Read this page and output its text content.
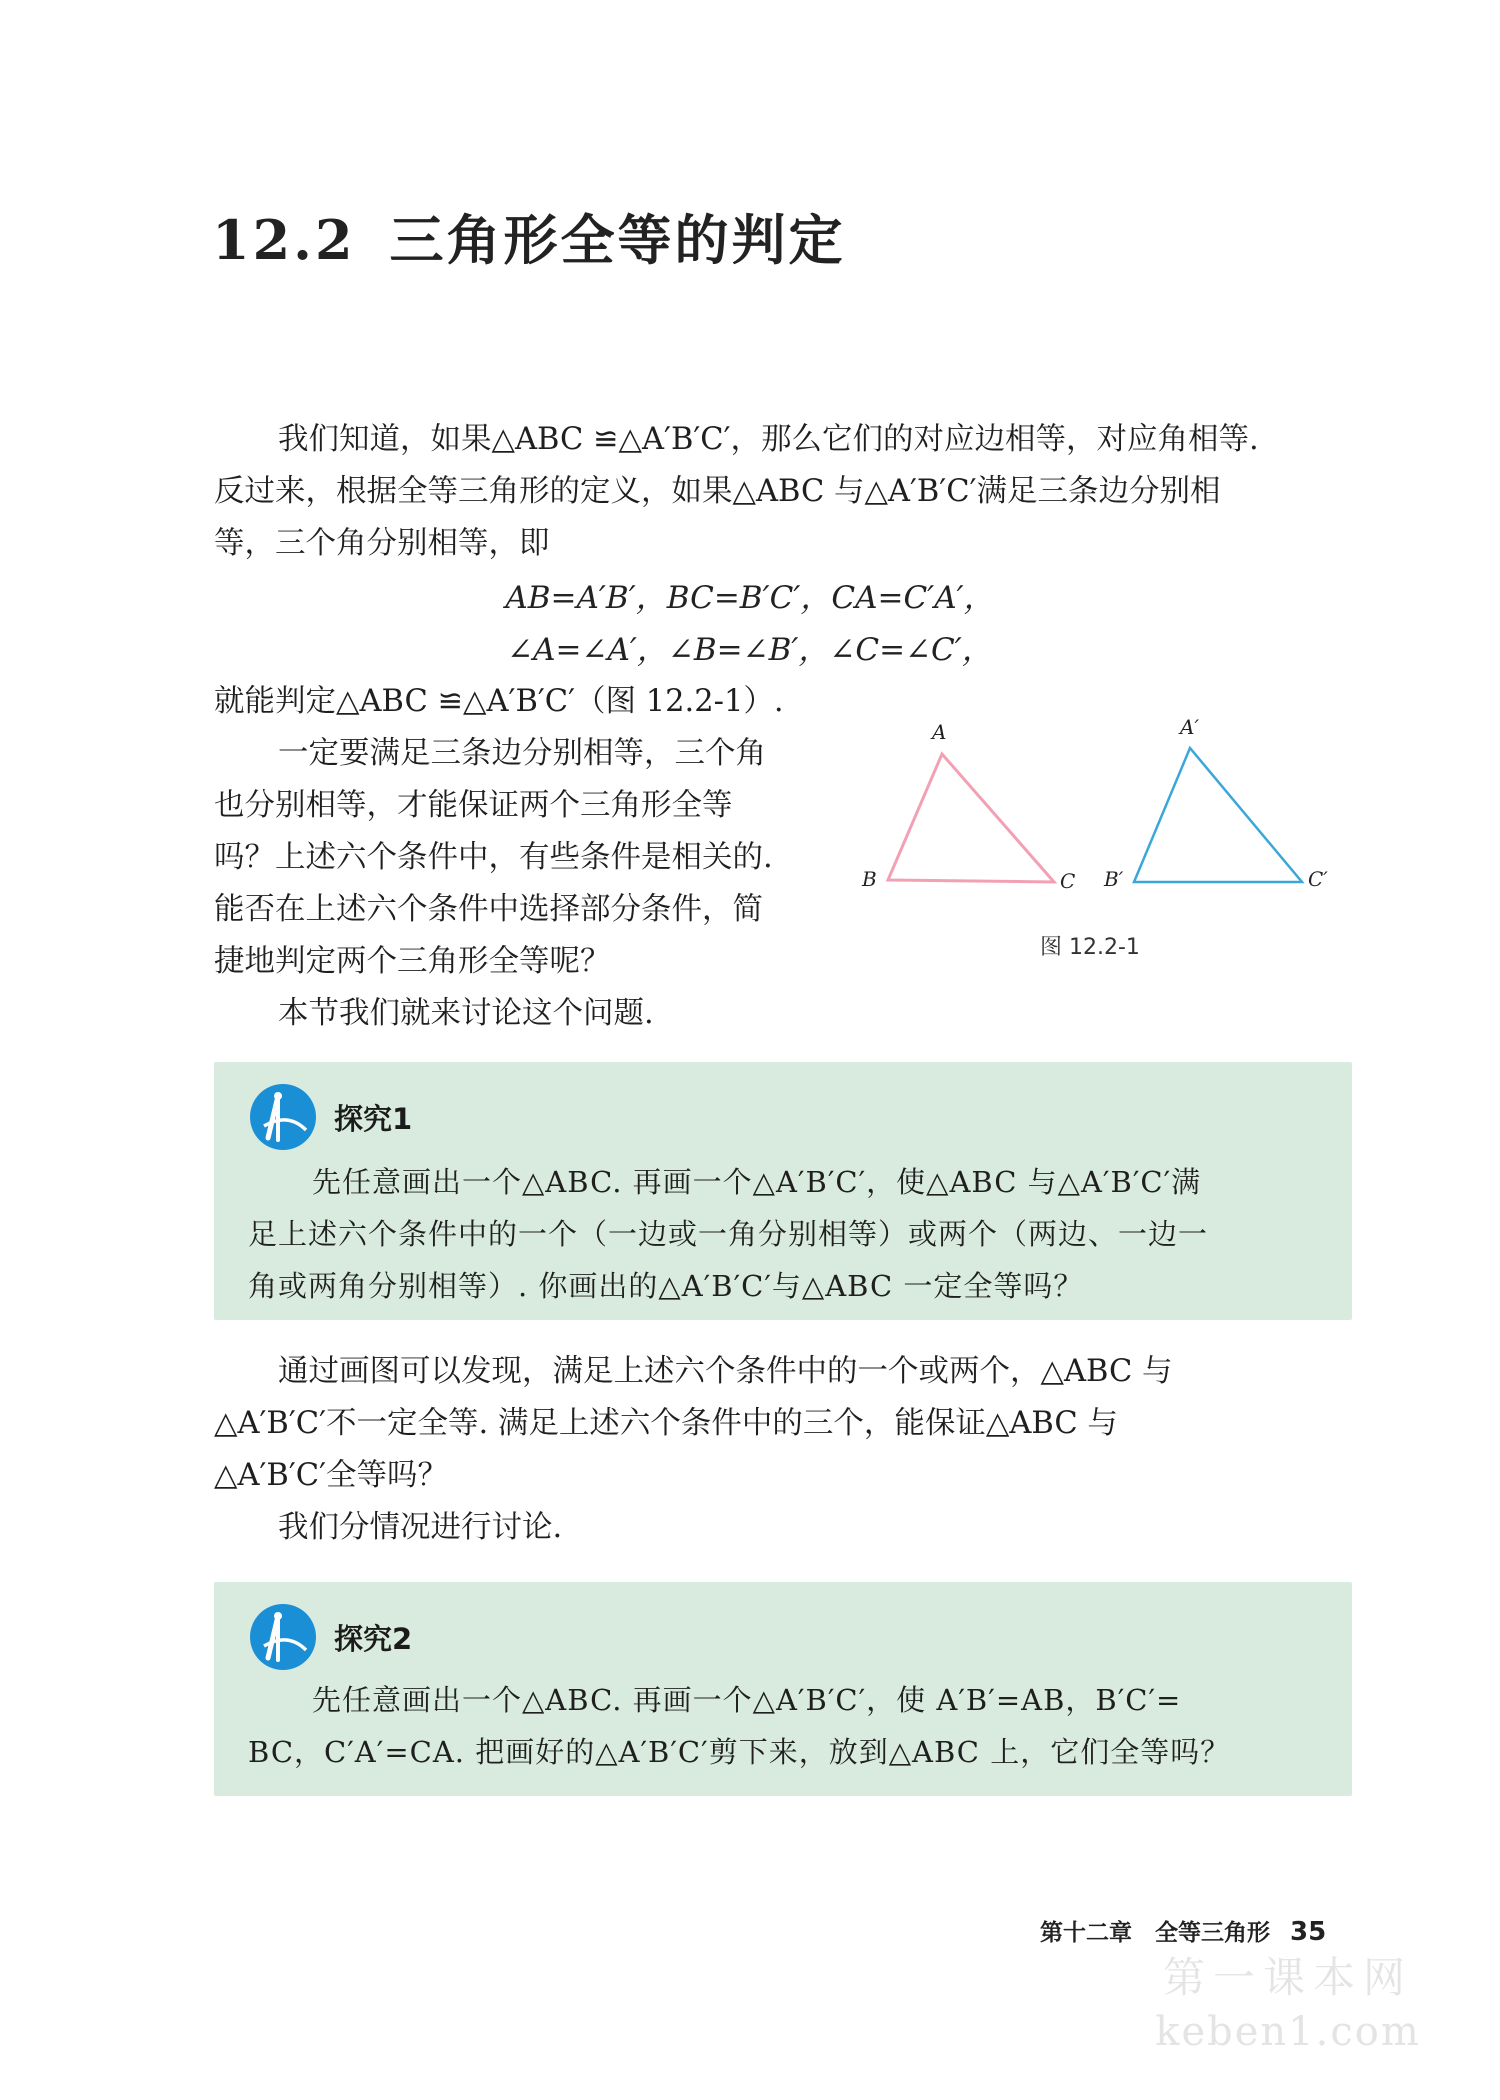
12.2 三角形全等的判定

我们知道，如果△ABC ≌△A′B′C′，那么它们的对应边相等，对应角相等.

反过来，根据全等三角形的定义，如果△ABC 与△A′B′C′满足三条边分别相

等，三个角分别相等，即

AB=A′B′，BC=B′C′，CA=C′A′，
∠A=∠A′，∠B=∠B′，∠C=∠C′，

就能判定△ABC ≌△A′B′C′（图 12.2-1）.

一定要满足三条边分别相等，三个角

也分别相等，才能保证两个三角形全等

吗？上述六个条件中，有些条件是相关的.

能否在上述六个条件中选择部分条件，简

捷地判定两个三角形全等呢？

本节我们就来讨论这个问题.

A
B	C
A′
B′	C′
图 12.2-1
探究1
先任意画出一个△ABC. 再画一个△A′B′C′，使△ABC 与△A′B′C′满
足上述六个条件中的一个（一边或一角分别相等）或两个（两边、一边一
角或两角分别相等）. 你画出的△A′B′C′与△ABC 一定全等吗？

通过画图可以发现，满足上述六个条件中的一个或两个，△ABC 与

△A′B′C′不一定全等. 满足上述六个条件中的三个，能保证△ABC 与

△A′B′C′全等吗？

我们分情况进行讨论.

探究2
先任意画出一个△ABC. 再画一个△A′B′C′，使 A′B′=AB，B′C′=
BC，C′A′=CA. 把画好的△A′B′C′剪下来，放到△ABC 上，它们全等吗？
第十二章　全等三角形 35
第一课本网
keben1.com
